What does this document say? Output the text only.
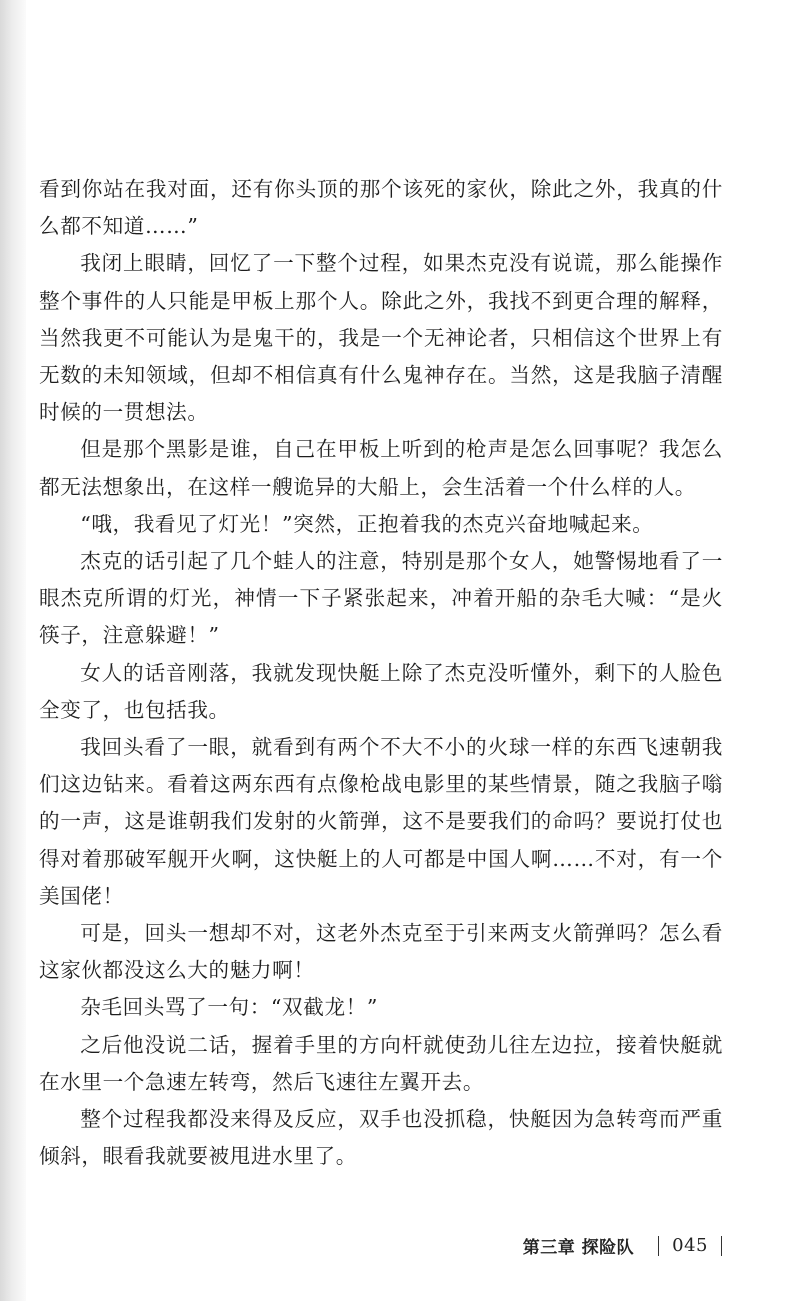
看到你站在我对面，还有你头顶的那个该死的家伙，除此之外，我真的什么都不知道……”

我闭上眼睛，回忆了一下整个过程，如果杰克没有说谎，那么能操作整个事件的人只能是甲板上那个人。除此之外，我找不到更合理的解释，当然我更不可能认为是鬼干的，我是一个无神论者，只相信这个世界上有无数的未知领域，但却不相信真有什么鬼神存在。当然，这是我脑子清醒时候的一贯想法。

但是那个黑影是谁，自己在甲板上听到的枪声是怎么回事呢？我怎么都无法想象出，在这样一艘诡异的大船上，会生活着一个什么样的人。

“哦，我看见了灯光！”突然，正抱着我的杰克兴奋地喊起来。

杰克的话引起了几个蛙人的注意，特别是那个女人，她警惕地看了一眼杰克所谓的灯光，神情一下子紧张起来，冲着开船的杂毛大喊：“是火筷子，注意躲避！”

女人的话音刚落，我就发现快艇上除了杰克没听懂外，剩下的人脸色全变了，也包括我。

我回头看了一眼，就看到有两个不大不小的火球一样的东西飞速朝我们这边钻来。看着这两东西有点像枪战电影里的某些情景，随之我脑子嗡的一声，这是谁朝我们发射的火箭弹，这不是要我们的命吗？要说打仗也得对着那破军舰开火啊，这快艇上的人可都是中国人啊……不对，有一个美国佬！

可是，回头一想却不对，这老外杰克至于引来两支火箭弹吗？怎么看这家伙都没这么大的魅力啊！

杂毛回头骂了一句：“双截龙！”

之后他没说二话，握着手里的方向杆就使劲儿往左边拉，接着快艇就在水里一个急速左转弯，然后飞速往左翼开去。

整个过程我都没来得及反应，双手也没抓稳，快艇因为急转弯而严重倾斜，眼看我就要被甩进水里了。

第三章 探险队 045
